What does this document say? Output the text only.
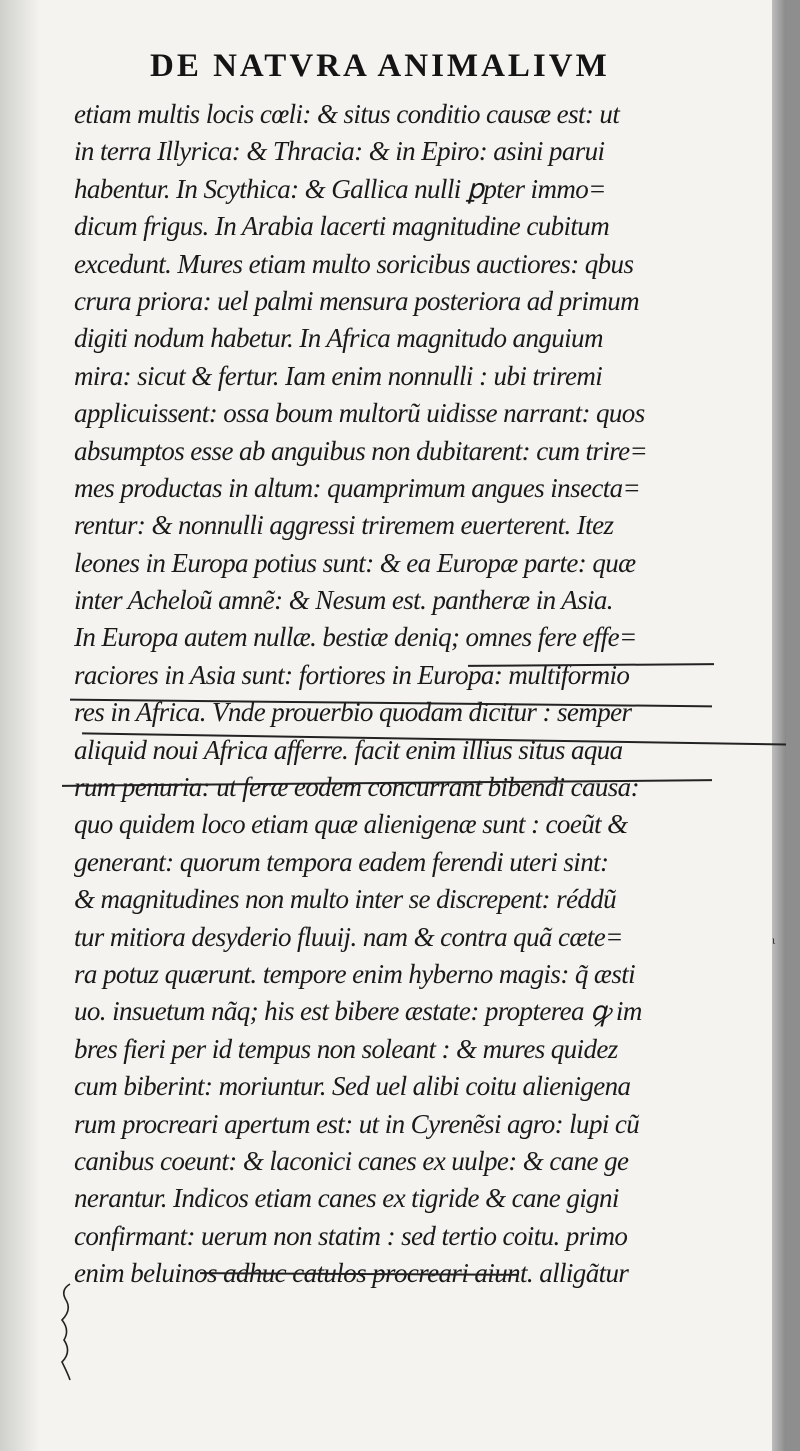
DE NATVRA ANIMALIVM
etiam multis locis cœli: & situs conditio causæ est: ut
in terra Illyrica: & Thracia: & in Epiro: asini parui
habentur. In Scythica: & Gallica nulli ꝑpter immo=
dicum frigus. In Arabia lacerti magnitudine cubitum
excedunt. Mures etiam multo soricibus auctiores: qbus
crura priora: uel palmi mensura posteriora ad primum
digiti nodum habetur. In Africa magnitudo anguium
mira: sicut & fertur. Iam enim nonnulli : ubi triremi
applicuissent: ossa boum multorũ uidisse narrant: quos
absumptos esse ab anguibus non dubitarent: cum trire=
mes productas in altum: quamprimum angues insecta=
rentur: & nonnulli aggressi triremem euerterent. Itez
leones in Europa potius sunt: & ea Europæ parte: quæ
inter Acheloũ amnẽ: & Nesum est. pantheræ in Asia.
In Europa autem nullæ. bestiæ deniq; omnes fere effe=
raciores in Asia sunt: fortiores in Europa: multiformio
res in Africa. Vnde prouerbio quodam dicitur : semper
aliquid noui Africa afferre. facit enim illius situs aqua
rum penuria: ut feræ eodem concurrant bibendi causa:
quo quidem loco etiam quæ alienigenæ sunt : coeũt &
generant: quorum tempora eadem ferendi uteri sint:
& magnitudines non multo inter se discrepent: réddũ
tur mitiora desyderio fluuij. nam & contra quã cæte=
ra potuz quærunt. tempore enim hyberno magis: q̃ æsti
uo. insuetum nãq; his est bibere æstate: propterea ꝙ im
bres fieri per id tempus non soleant : & mures quidez
cum biberint: moriuntur. Sed uel alibi coitu alienigena
rum procreari apertum est: ut in Cyrenẽsi agro: lupi cũ
canibus coeunt: & laconici canes ex uulpe: & cane ge
nerantur. Indicos etiam canes ex tigride & cane gigni
confirmant: uerum non statim : sed tertio coitu. primo
enim beluinos adhuc catulos procreari aiunt. alligãtur
ι
